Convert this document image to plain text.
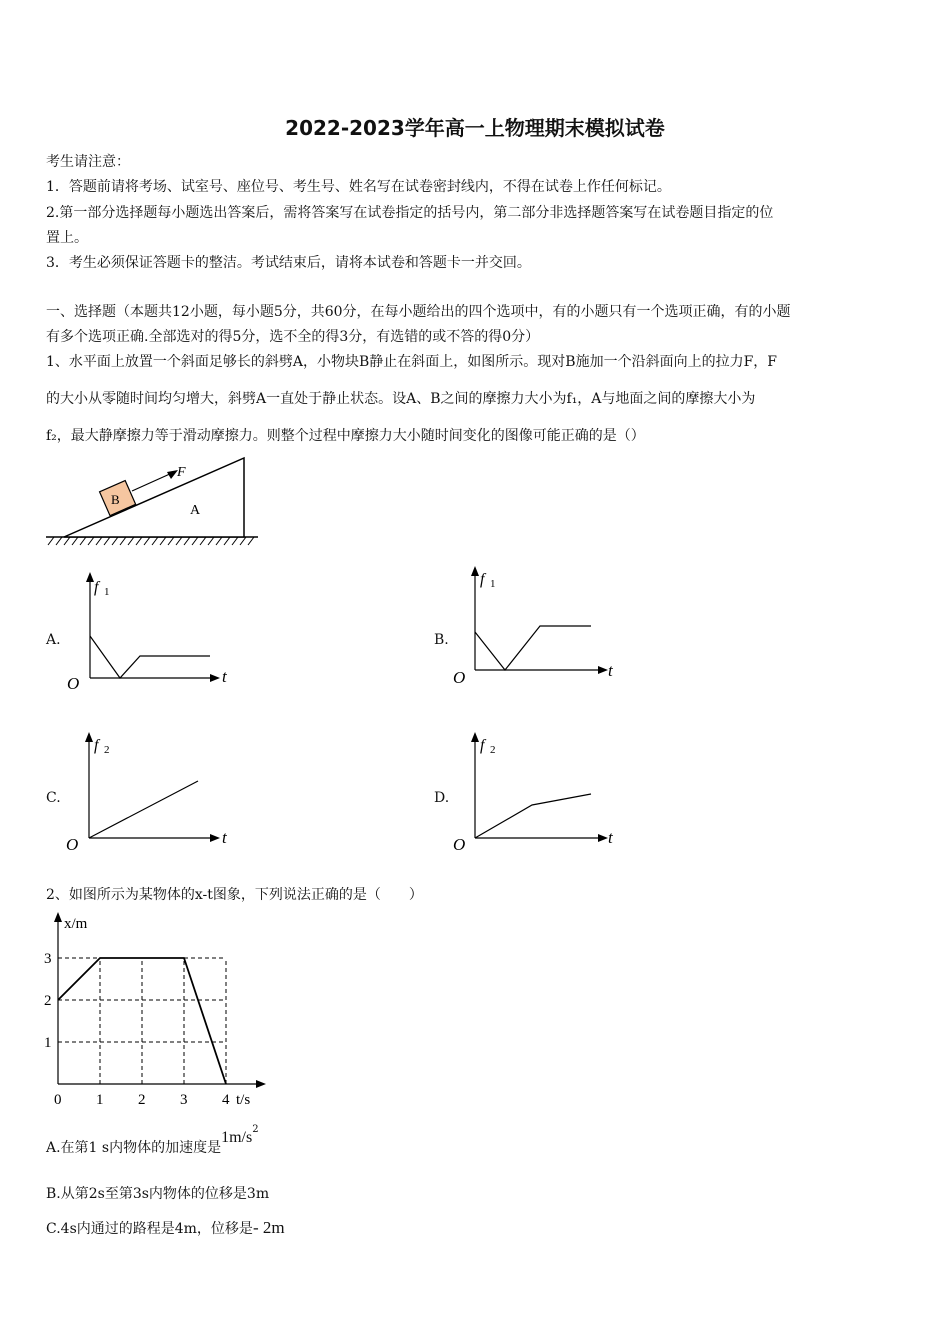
2022-2023学年高一上物理期末模拟试卷
考生请注意：
1．答题前请将考场、试室号、座位号、考生号、姓名写在试卷密封线内，不得在试卷上作任何标记。
2.第一部分选择题每小题选出答案后，需将答案写在试卷指定的括号内，第二部分非选择题答案写在试卷题目指定的位
置上。
3．考生必须保证答题卡的整洁。考试结束后，请将本试卷和答题卡一并交回。
一、选择题（本题共12小题，每小题5分，共60分，在每小题给出的四个选项中，有的小题只有一个选项正确，有的小题
有多个选项正确.全部选对的得5分，选不全的得3分，有选错的或不答的得0分）
1、水平面上放置一个斜面足够长的斜劈A，小物块B静止在斜面上，如图所示。现对B施加一个沿斜面向上的拉力F，F
的大小从零随时间均匀增大，斜劈A一直处于静止状态。设A、B之间的摩擦力大小为f₁，A与地面之间的摩擦大小为
f₂，最大静摩擦力等于滑动摩擦力。则整个过程中摩擦力大小随时间变化的图像可能正确的是（）
B
F
A
A.
f 1
O	t
B.
f 1
O	t
C.
f 2
O	t
D.
f 2
O	t
2、如图所示为某物体的x-t图象，下列说法正确的是（　　）
0 1 2 3 4
1
2
3
x/m
t/s
A.在第1 s内物体的加速度是$1m/s^2$
B.从第2s至第3s内物体的位移是3m
C.4s内通过的路程是4m，位移是- 2m
